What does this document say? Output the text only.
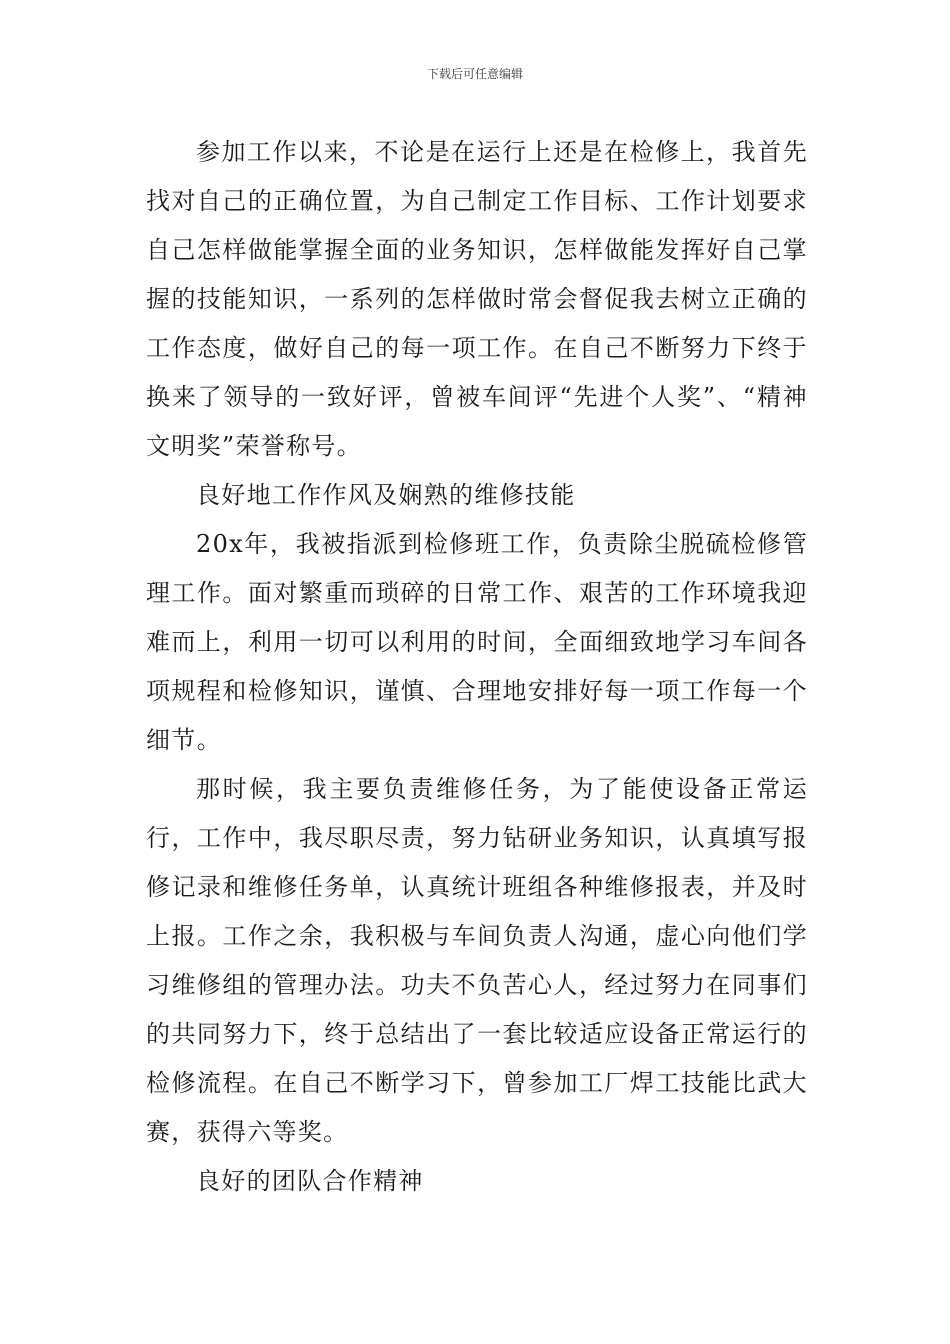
下载后可任意编辑

参加工作以来，不论是在运行上还是在检修上，我首先找对自己的正确位置，为自己制定工作目标、工作计划要求自己怎样做能掌握全面的业务知识，怎样做能发挥好自己掌握的技能知识，一系列的怎样做时常会督促我去树立正确的工作态度，做好自己的每一项工作。在自己不断努力下终于换来了领导的一致好评，曾被车间评“先进个人奖”、“精神文明奖”荣誉称号。

良好地工作作风及娴熟的维修技能

20x年，我被指派到检修班工作，负责除尘脱硫检修管理工作。面对繁重而琐碎的日常工作、艰苦的工作环境我迎难而上，利用一切可以利用的时间，全面细致地学习车间各项规程和检修知识，谨慎、合理地安排好每一项工作每一个细节。

那时候，我主要负责维修任务，为了能使设备正常运行，工作中，我尽职尽责，努力钻研业务知识，认真填写报修记录和维修任务单，认真统计班组各种维修报表，并及时上报。工作之余，我积极与车间负责人沟通，虚心向他们学习维修组的管理办法。功夫不负苦心人，经过努力在同事们的共同努力下，终于总结出了一套比较适应设备正常运行的检修流程。在自己不断学习下，曾参加工厂焊工技能比武大赛，获得六等奖。

良好的团队合作精神
